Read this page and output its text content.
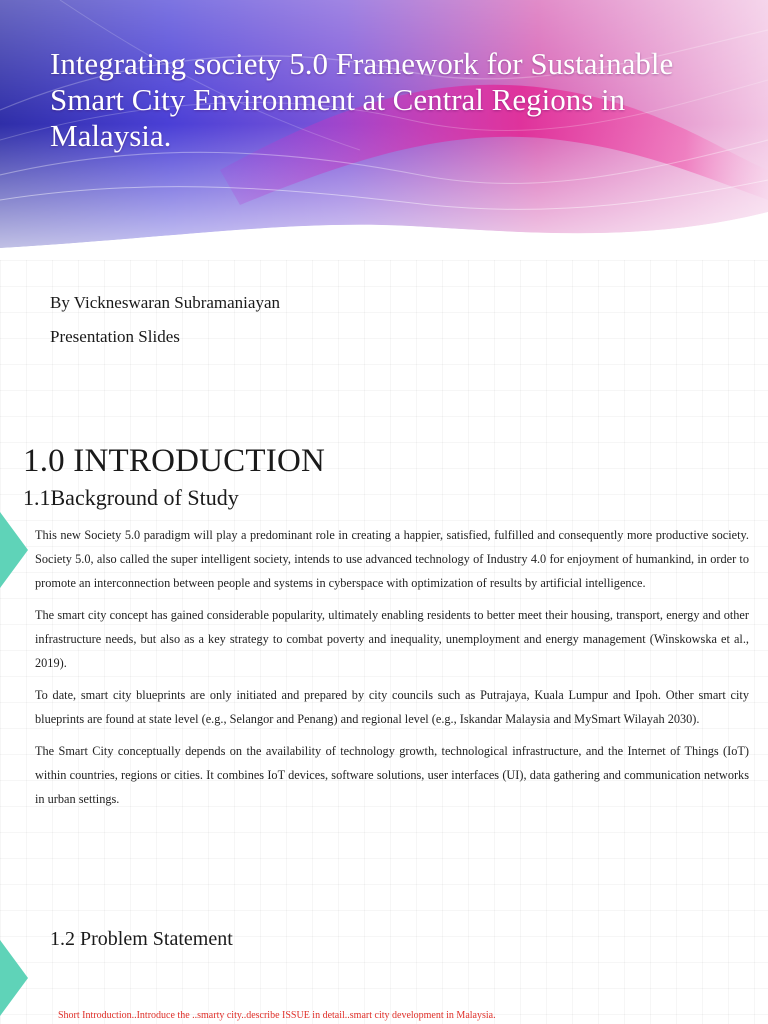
Integrating society 5.0 Framework for Sustainable Smart City Environment at Central Regions in Malaysia.

By Vickneswaran Subramaniayan

Presentation Slides

1.0 INTRODUCTION
1.1Background of Study

This new Society 5.0 paradigm will play a predominant role in creating a happier, satisfied, fulfilled and consequently more productive society. Society 5.0, also called the super intelligent society, intends to use advanced technology of Industry 4.0 for enjoyment of humankind, in order to promote an interconnection between people and systems in cyberspace with optimization of results by artificial intelligence.

The smart city concept has gained considerable popularity, ultimately enabling residents to better meet their housing, transport, energy and other infrastructure needs, but also as a key strategy to combat poverty and inequality, unemployment and energy management (Winskowska et al., 2019).

To date, smart city blueprints are only initiated and prepared by city councils such as Putrajaya, Kuala Lumpur and Ipoh. Other smart city blueprints are found at state level (e.g., Selangor and Penang) and regional level (e.g., Iskandar Malaysia and MySmart Wilayah 2030).

The Smart City conceptually depends on the availability of technology growth, technological infrastructure, and the Internet of Things (IoT) within countries, regions or cities. It combines IoT devices, software solutions, user interfaces (UI), data gathering and communication networks in urban settings.

1.2 Problem Statement

Short Introduction..Introduce the ..smarty city..describe ISSUE in detail..smart city development in Malaysia.
